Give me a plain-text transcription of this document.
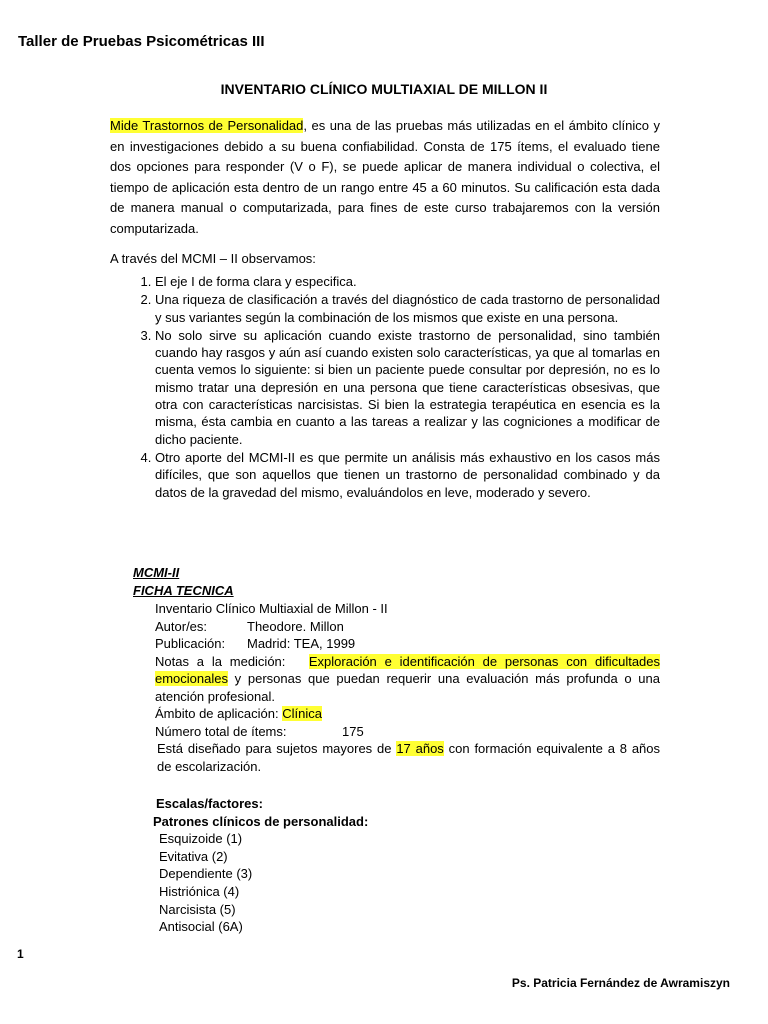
Taller de Pruebas Psicométricas III
INVENTARIO CLÍNICO MULTIAXIAL DE MILLON II

Mide Trastornos de Personalidad, es una de las pruebas más utilizadas en el ámbito clínico y en investigaciones debido a su buena confiabilidad. Consta de 175 ítems, el evaluado tiene dos opciones para responder (V o F), se puede aplicar de manera individual o colectiva, el tiempo de aplicación esta dentro de un rango entre 45 a 60 minutos. Su calificación esta dada de manera manual o computarizada, para fines de este curso trabajaremos con la versión computarizada.

A través del MCMI – II observamos:
1. El eje I de forma clara y especifica.
2. Una riqueza de clasificación a través del diagnóstico de cada trastorno de personalidad y sus variantes según la combinación de los mismos que existe en una persona.
3. No solo sirve su aplicación cuando existe trastorno de personalidad, sino también cuando hay rasgos y aún así cuando existen solo características, ya que al tomarlas en cuenta vemos lo siguiente: si bien un paciente puede consultar por depresión, no es lo mismo tratar una depresión en una persona que tiene características obsesivas, que otra con características narcisistas. Si bien la estrategia terapéutica en esencia es la misma, ésta cambia en cuanto a las tareas a realizar y las cogniciones a modificar de dicho paciente.
4. Otro aporte del MCMI-II es que permite un análisis más exhaustivo en los casos más difíciles, que son aquellos que tienen un trastorno de personalidad combinado y da datos de la gravedad del mismo, evaluándolos en leve, moderado y severo.
MCMI-II
FICHA TECNICA
Inventario Clínico Multiaxial de Millon - II
Autor/es:	Theodore. Millon
Publicación:	Madrid: TEA, 1999
Notas a la medición: Exploración e identificación de personas con dificultades emocionales y personas que puedan requerir una evaluación más profunda o una atención profesional.
Ámbito de aplicación: Clínica
Número total de ítems:	175
Está diseñado para sujetos mayores de 17 años con formación equivalente a 8 años de escolarización.
Escalas/factores:
Patrones clínicos de personalidad:
Esquizoide (1)
Evitativa (2)
Dependiente (3)
Histriónica (4)
Narcisista (5)
Antisocial (6A)
1
Ps. Patricia Fernández de Awramiszyn
